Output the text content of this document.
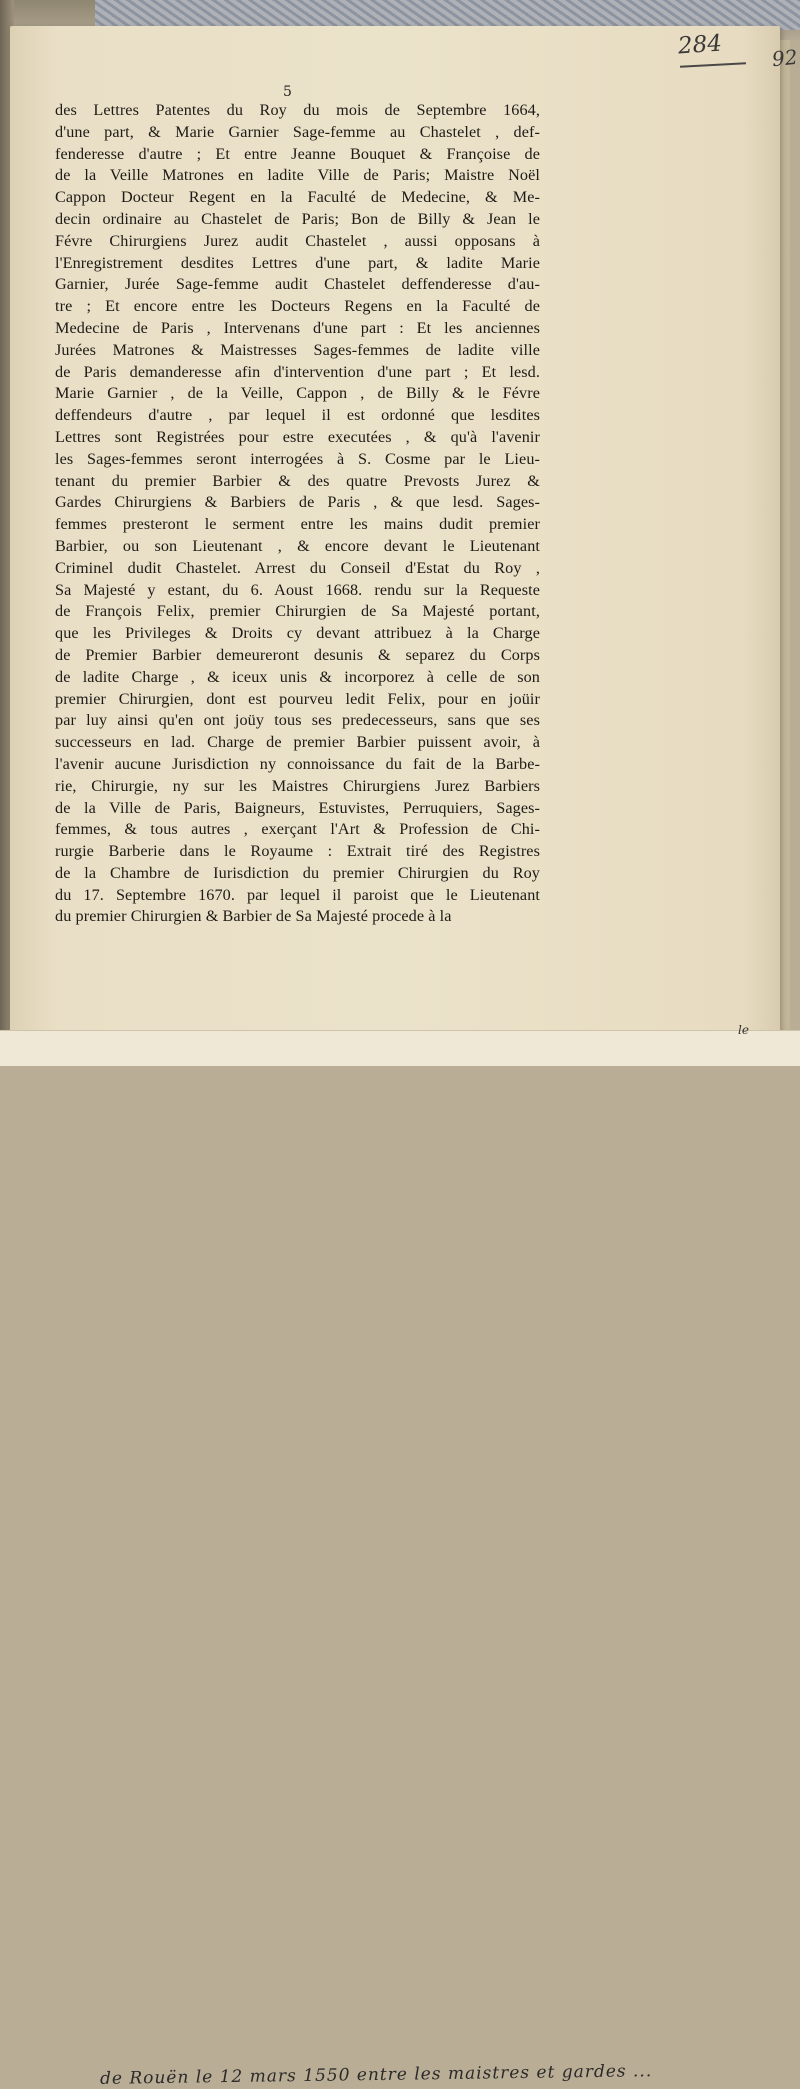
284 92
5
des Lettres Patentes du Roy du mois de Septembre 1664,
d'une part, & Marie Garnier Sage-femme au Chastelet , def-
fenderesse d'autre ; Et entre Jeanne Bouquet & Françoise de
de la Veille Matrones en ladite Ville de Paris; Maistre Noël
Cappon Docteur Regent en la Faculté de Medecine, & Me-
decin ordinaire au Chastelet de Paris; Bon de Billy & Jean le
Févre Chirurgiens Jurez audit Chastelet , aussi opposans à
l'Enregistrement desdites Lettres d'une part, & ladite Marie
Garnier, Jurée Sage-femme audit Chastelet deffenderesse d'au-
tre ; Et encore entre les Docteurs Regens en la Faculté de
Medecine de Paris , Intervenans d'une part : Et les anciennes
Jurées Matrones & Maistresses Sages-femmes de ladite ville
de Paris demanderesse afin d'intervention d'une part ; Et lesd.
Marie Garnier , de la Veille, Cappon , de Billy & le Févre
deffendeurs d'autre , par lequel il est ordonné que lesdites
Lettres sont Registrées pour estre executées , & qu'à l'avenir
les Sages-femmes seront interrogées à S. Cosme par le Lieu-
tenant du premier Barbier & des quatre Prevosts Jurez &
Gardes Chirurgiens & Barbiers de Paris , & que lesd. Sages-
femmes presteront le serment entre les mains dudit premier
Barbier, ou son Lieutenant , & encore devant le Lieutenant
Criminel dudit Chastelet. Arrest du Conseil d'Estat du Roy ,
Sa Majesté y estant, du 6. Aoust 1668. rendu sur la Requeste
de François Felix, premier Chirurgien de Sa Majesté portant,
que les Privileges & Droits cy devant attribuez à la Charge
de Premier Barbier demeureront desunis & separez du Corps
de ladite Charge , & iceux unis & incorporez à celle de son
premier Chirurgien, dont est pourveu ledit Felix, pour en joüir
par luy ainsi qu'en ont joüy tous ses predecesseurs, sans que ses
successeurs en lad. Charge de premier Barbier puissent avoir, à
l'avenir aucune Jurisdiction ny connoissance du fait de la Barbe-
rie, Chirurgie, ny sur les Maistres Chirurgiens Jurez Barbiers
de la Ville de Paris, Baigneurs, Estuvistes, Perruquiers, Sages-
femmes, & tous autres , exerçant l'Art & Profession de Chi-
rurgie Barberie dans le Royaume : Extrait tiré des Registres
de la Chambre de Iurisdiction du premier Chirurgien du Roy
du 17. Septembre 1670. par lequel il paroist que le Lieutenant
du premier Chirurgien & Barbier de Sa Majesté procede à la
de Rouën le 12 mars 1550 entre les maistres et gardes ...
le
